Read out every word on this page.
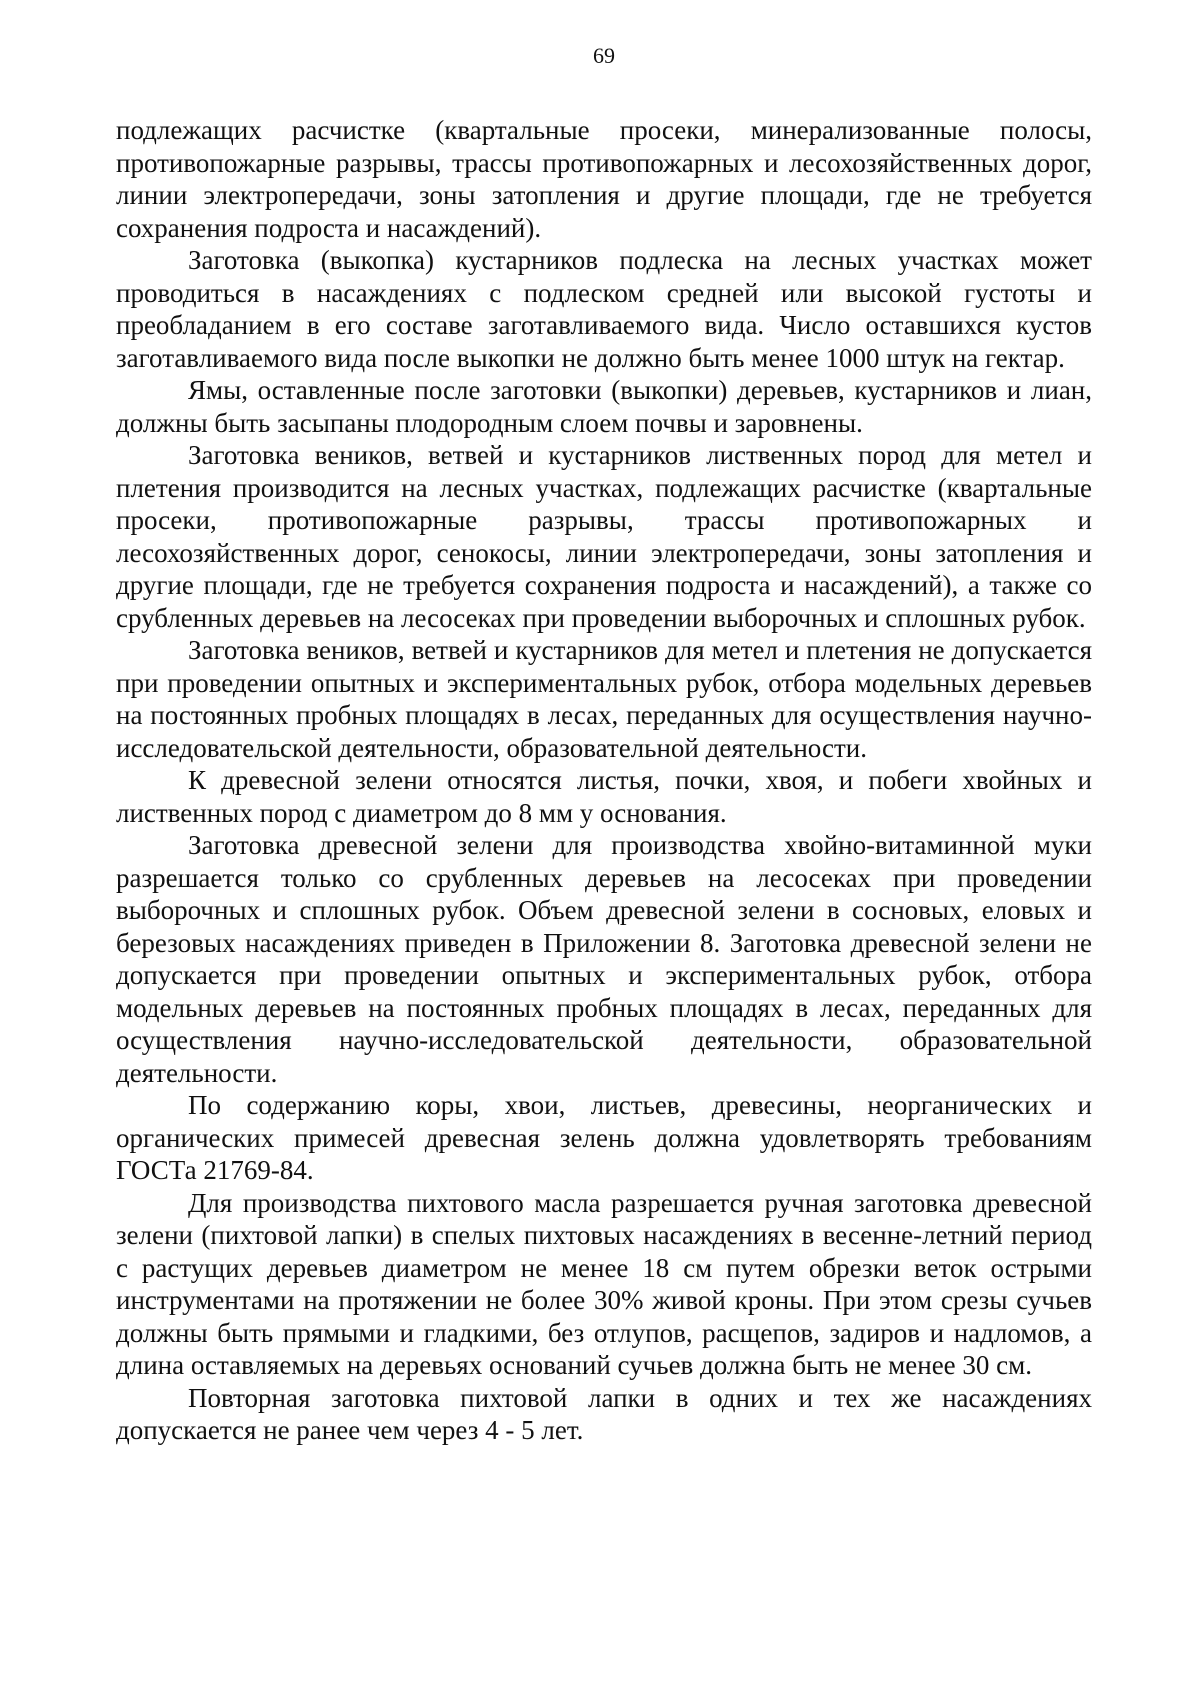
69

подлежащих расчистке (квартальные просеки, минерализованные полосы, противопожарные разрывы, трассы противопожарных и лесохозяйственных дорог, линии электропередачи, зоны затопления и другие площади, где не требуется сохранения подроста и насаждений).

Заготовка (выкопка) кустарников подлеска на лесных участках может проводиться в насаждениях с подлеском средней или высокой густоты и преобладанием в его составе заготавливаемого вида. Число оставшихся кустов заготавливаемого вида после выкопки не должно быть менее 1000 штук на гектар.

Ямы, оставленные после заготовки (выкопки) деревьев, кустарников и лиан, должны быть засыпаны плодородным слоем почвы и заровнены.

Заготовка веников, ветвей и кустарников лиственных пород для метел и плетения производится на лесных участках, подлежащих расчистке (квартальные просеки, противопожарные разрывы, трассы противопожарных и лесохозяйственных дорог, сенокосы, линии электропередачи, зоны затопления и другие площади, где не требуется сохранения подроста и насаждений), а также со срубленных деревьев на лесосеках при проведении выборочных и сплошных рубок.

Заготовка веников, ветвей и кустарников для метел и плетения не допускается при проведении опытных и экспериментальных рубок, отбора модельных деревьев на постоянных пробных площадях в лесах, переданных для осуществления научно-исследовательской деятельности, образовательной деятельности.

К древесной зелени относятся листья, почки, хвоя, и побеги хвойных и лиственных пород с диаметром до 8 мм у основания.

Заготовка древесной зелени для производства хвойно-витаминной муки разрешается только со срубленных деревьев на лесосеках при проведении выборочных и сплошных рубок. Объем древесной зелени в сосновых, еловых и березовых насаждениях приведен в Приложении 8. Заготовка древесной зелени не допускается при проведении опытных и экспериментальных рубок, отбора модельных деревьев на постоянных пробных площадях в лесах, переданных для осуществления научно-исследовательской деятельности, образовательной деятельности.

По содержанию коры, хвои, листьев, древесины, неорганических и органических примесей древесная зелень должна удовлетворять требованиям ГОСТа 21769-84.

Для производства пихтового масла разрешается ручная заготовка древесной зелени (пихтовой лапки) в спелых пихтовых насаждениях в весенне-летний период с растущих деревьев диаметром не менее 18 см путем обрезки веток острыми инструментами на протяжении не более 30% живой кроны. При этом срезы сучьев должны быть прямыми и гладкими, без отлупов, расщепов, задиров и надломов, а длина оставляемых на деревьях оснований сучьев должна быть не менее 30 см.

Повторная заготовка пихтовой лапки в одних и тех же насаждениях допускается не ранее чем через 4 - 5 лет.
